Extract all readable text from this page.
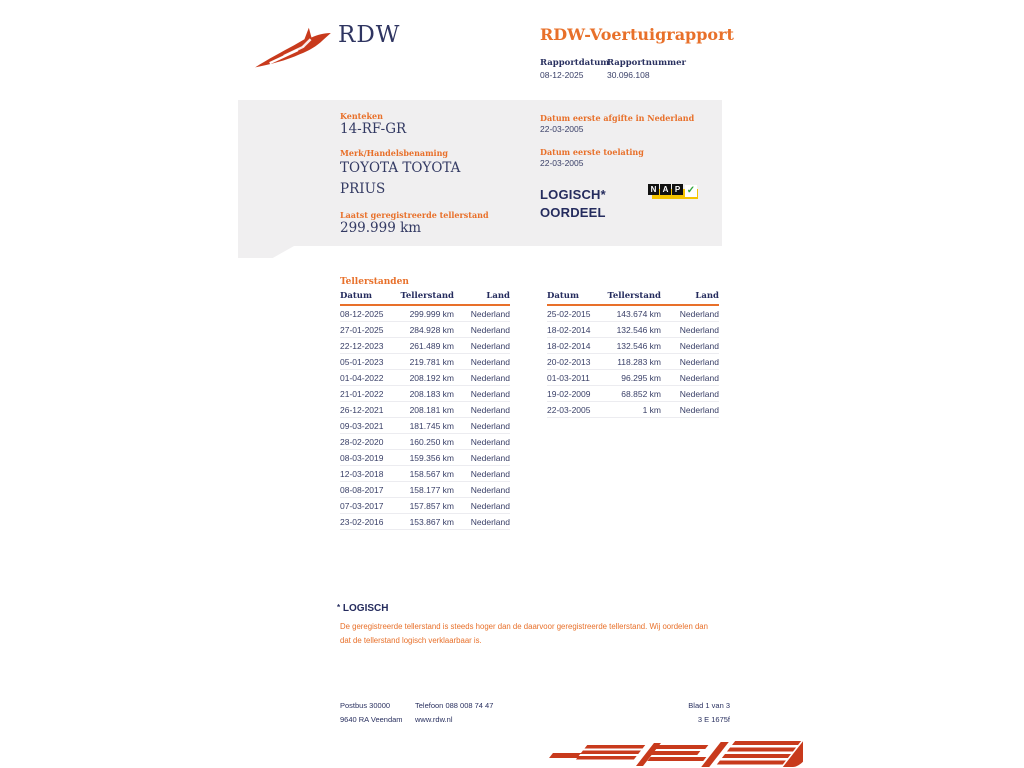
RDW	RDW-Voertuigrapport
Rapportdatum
Rapportnummer
08-12-2025	30.096.108
Kenteken
14-RF-GR
Merk/Handelsbenaming
TOYOTA TOYOTA PRIUS
Laatst geregistreerde tellerstand
299.999 km
Datum eerste afgifte in Nederland
22-03-2005
Datum eerste toelating
22-03-2005
LOGISCH*
OORDEEL
N A P ✓
Tellerstanden
Datum	Tellerstand	Land
08-12-2025	299.999 km	Nederland
27-01-2025	284.928 km	Nederland
22-12-2023	261.489 km	Nederland
05-01-2023	219.781 km	Nederland
01-04-2022	208.192 km	Nederland
21-01-2022	208.183 km	Nederland
26-12-2021	208.181 km	Nederland
09-03-2021	181.745 km	Nederland
28-02-2020	160.250 km	Nederland
08-03-2019	159.356 km	Nederland
12-03-2018	158.567 km	Nederland
08-08-2017	158.177 km	Nederland
07-03-2017	157.857 km	Nederland
23-02-2016	153.867 km	Nederland
Datum	Tellerstand	Land
25-02-2015	143.674 km	Nederland
18-02-2014	132.546 km	Nederland
18-02-2014	132.546 km	Nederland
20-02-2013	118.283 km	Nederland
01-03-2011	96.295 km	Nederland
19-02-2009	68.852 km	Nederland
22-03-2005	1 km	Nederland
* LOGISCH
De geregistreerde tellerstand is steeds hoger dan de daarvoor geregistreerde tellerstand. Wij oordelen dan
dat de tellerstand logisch verklaarbaar is.
Postbus 30000
9640 RA Veendam
Telefoon 088 008 74 47
www.rdw.nl
Blad 1 van 3
3 E 1675f
